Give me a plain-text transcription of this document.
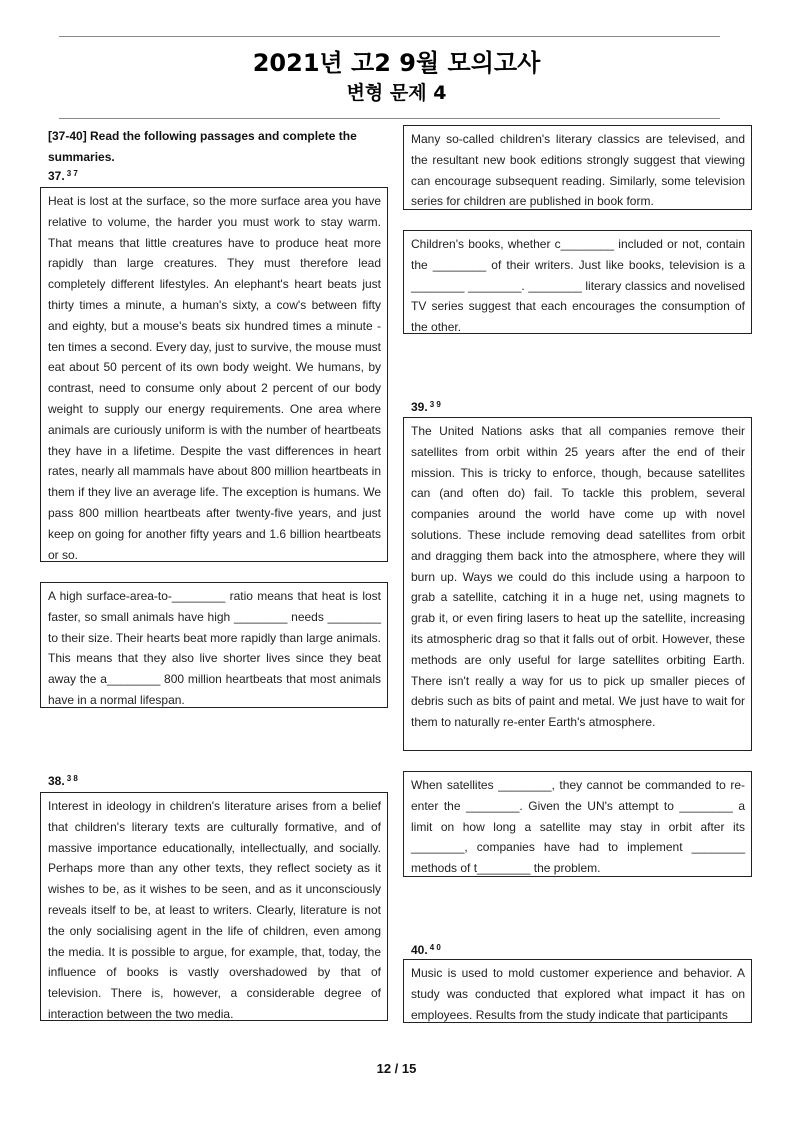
2021년 고2 9월 모의고사
변형 문제 4
[37-40] Read the following passages and complete the summaries.
37. $^{3 7}$
Heat is lost at the surface, so the more surface area you have relative to volume, the harder you must work to stay warm. That means that little creatures have to produce heat more rapidly than large creatures. They must therefore lead completely different lifestyles. An elephant's heart beats just thirty times a minute, a human's sixty, a cow's between fifty and eighty, but a mouse's beats six hundred times a minute - ten times a second. Every day, just to survive, the mouse must eat about 50 percent of its own body weight. We humans, by contrast, need to consume only about 2 percent of our body weight to supply our energy requirements. One area where animals are curiously uniform is with the number of heartbeats they have in a lifetime. Despite the vast differences in heart rates, nearly all mammals have about 800 million heartbeats in them if they live an average life. The exception is humans. We pass 800 million heartbeats after twenty-five years, and just keep on going for another fifty years and 1.6 billion heartbeats or so.
A high surface-area-to-________ ratio means that heat is lost faster, so small animals have high ________ needs ________ to their size. Their hearts beat more rapidly than large animals. This means that they also live shorter lives since they beat away the a________ 800 million heartbeats that most animals have in a normal lifespan.
38. $^{3 8}$
Interest in ideology in children's literature arises from a belief that children's literary texts are culturally formative, and of massive importance educationally, intellectually, and socially. Perhaps more than any other texts, they reflect society as it wishes to be, as it wishes to be seen, and as it unconsciously reveals itself to be, at least to writers. Clearly, literature is not the only socialising agent in the life of children, even among the media. It is possible to argue, for example, that, today, the influence of books is vastly overshadowed by that of television. There is, however, a considerable degree of interaction between the two media.
Many so-called children's literary classics are televised, and the resultant new book editions strongly suggest that viewing can encourage subsequent reading. Similarly, some television series for children are published in book form.
Children's books, whether c________ included or not, contain the ________ of their writers. Just like books, television is a ________ ________. ________ literary classics and novelised TV series suggest that each encourages the consumption of the other.
39. $^{3 9}$
The United Nations asks that all companies remove their satellites from orbit within 25 years after the end of their mission. This is tricky to enforce, though, because satellites can (and often do) fail. To tackle this problem, several companies around the world have come up with novel solutions. These include removing dead satellites from orbit and dragging them back into the atmosphere, where they will burn up. Ways we could do this include using a harpoon to grab a satellite, catching it in a huge net, using magnets to grab it, or even firing lasers to heat up the satellite, increasing its atmospheric drag so that it falls out of orbit. However, these methods are only useful for large satellites orbiting Earth. There isn't really a way for us to pick up smaller pieces of debris such as bits of paint and metal. We just have to wait for them to naturally re-enter Earth's atmosphere.
When satellites ________, they cannot be commanded to re-enter the ________. Given the UN's attempt to ________ a limit on how long a satellite may stay in orbit after its ________, companies have had to implement ________ methods of t________ the problem.
40. $^{4 0}$
Music is used to mold customer experience and behavior. A study was conducted that explored what impact it has on employees. Results from the study indicate that participants
12 / 15
